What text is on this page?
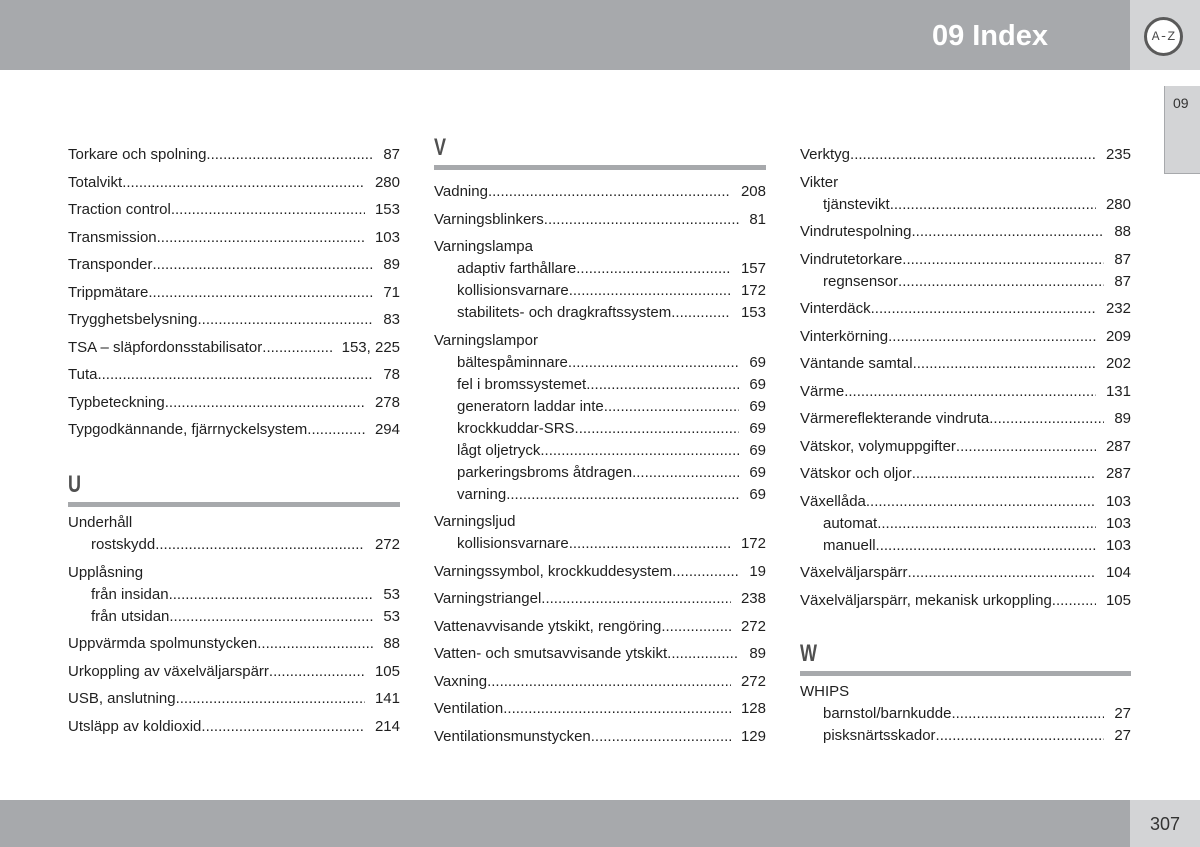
09 Index	A-Z
09
Torkare och spolning .....	87
Totalvikt .....	280
Traction control .....	153
Transmission .....	103
Transponder .....	89
Trippmätare .....	71
Trygghetsbelysning .....	83
TSA – släpfordonsstabilisator .....	153, 225
Tuta .....	78
Typbeteckning .....	278
Typgodkännande, fjärrnyckelsystem .....	294
U
Underhåll
rostskydd .....	272
Upplåsning
från insidan .....	53
från utsidan .....	53
Uppvärmda spolmunstycken .....	88
Urkoppling av växelväljarspärr .....	105
USB, anslutning .....	141
Utsläpp av koldioxid .....	214
V
Vadning .....	208
Varningsblinkers .....	81
Varningslampa
adaptiv farthållare .....	157
kollisionsvarnare .....	172
stabilitets- och dragkraftssystem .....	153
Varningslampor
bältespåminnare .....	69
fel i bromssystemet .....	69
generatorn laddar inte .....	69
krockkuddar-SRS .....	69
lågt oljetryck .....	69
parkeringsbroms åtdragen .....	69
varning .....	69
Varningsljud
kollisionsvarnare .....	172
Varningssymbol, krockkuddesystem .....	19
Varningstriangel .....	238
Vattenavvisande ytskikt, rengöring .....	272
Vatten- och smutsavvisande ytskikt .....	89
Vaxning .....	272
Ventilation .....	128
Ventilationsmunstycken .....	129
Verktyg .....	235
Vikter
tjänstevikt .....	280
Vindrutespolning .....	88
Vindrutetorkare .....	87
regnsensor .....	87
Vinterdäck .....	232
Vinterkörning .....	209
Väntande samtal .....	202
Värme .....	131
Värmereflekterande vindruta .....	89
Vätskor, volymuppgifter .....	287
Vätskor och oljor .....	287
Växellåda .....	103
automat .....	103
manuell .....	103
Växelväljarspärr .....	104
Växelväljarspärr, mekanisk urkoppling .....	105
W
WHIPS
barnstol/barnkudde .....	27
pisksnärtsskador .....	27
307
